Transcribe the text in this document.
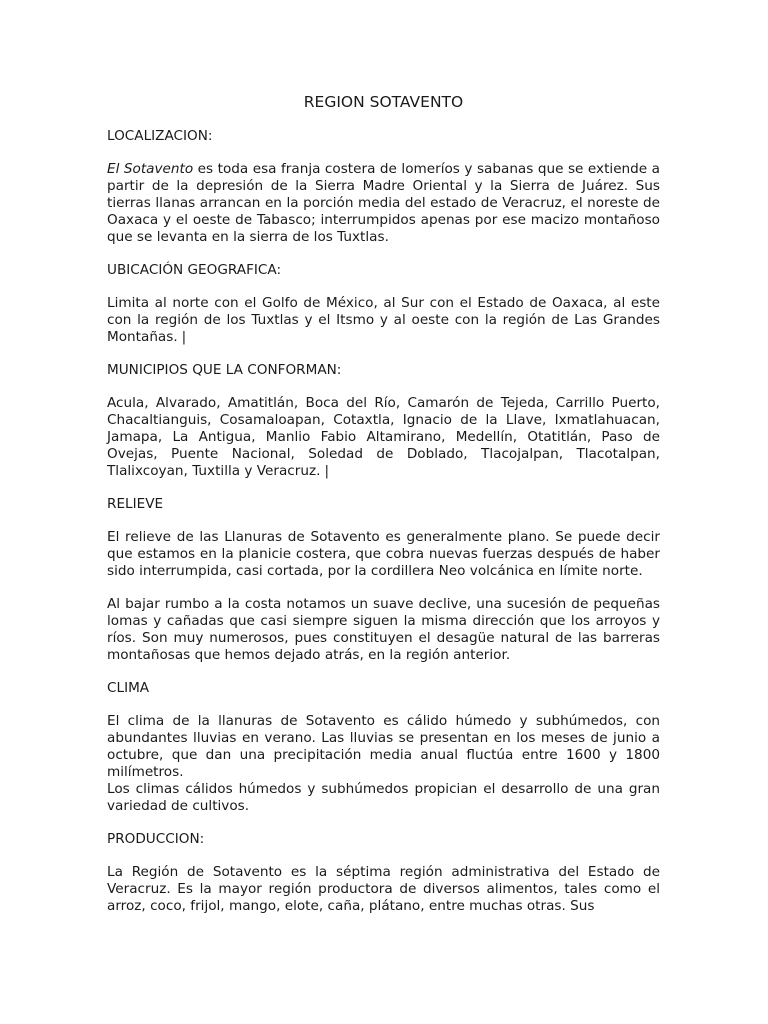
REGION SOTAVENTO
LOCALIZACION:
El Sotavento es toda esa franja costera de lomeríos y sabanas que se extiende a partir de la depresión de la Sierra Madre Oriental y la Sierra de Juárez. Sus tierras llanas arrancan en la porción media del estado de Veracruz, el noreste de Oaxaca y el oeste de Tabasco; interrumpidos apenas por ese macizo montañoso que se levanta en la sierra de los Tuxtlas.
UBICACIÓN GEOGRAFICA:
Limita al norte con el Golfo de México, al Sur con el Estado de Oaxaca, al este con la región de los Tuxtlas y el Itsmo y al oeste con la región de Las Grandes Montañas. |
MUNICIPIOS QUE LA CONFORMAN:
Acula, Alvarado, Amatitlán, Boca del Río, Camarón de Tejeda, Carrillo Puerto, Chacaltianguis, Cosamaloapan, Cotaxtla, Ignacio de la Llave, Ixmatlahuacan, Jamapa, La Antigua, Manlio Fabio Altamirano, Medellín, Otatitlán, Paso de Ovejas, Puente Nacional, Soledad de Doblado, Tlacojalpan, Tlacotalpan, Tlalixcoyan, Tuxtilla y Veracruz. |
RELIEVE
El relieve de las Llanuras de Sotavento es generalmente plano. Se puede decir que estamos en la planicie costera, que cobra nuevas fuerzas después de haber sido interrumpida, casi cortada, por la cordillera Neo volcánica en límite norte.
Al bajar rumbo a la costa notamos un suave declive, una sucesión de pequeñas lomas y cañadas que casi siempre siguen la misma dirección que los arroyos y ríos. Son muy numerosos, pues constituyen el desagüe natural de las barreras montañosas que hemos dejado atrás, en la región anterior.
CLIMA
El clima de la llanuras de Sotavento es cálido húmedo y subhúmedos, con abundantes lluvias en verano. Las lluvias se presentan en los meses de junio a octubre, que dan una precipitación media anual fluctúa entre 1600 y 1800 milímetros.
Los climas cálidos húmedos y subhúmedos propician el desarrollo de una gran variedad de cultivos.
PRODUCCION:
La Región de Sotavento es la séptima región administrativa del Estado de Veracruz. Es la mayor región productora de diversos alimentos, tales como el arroz, coco, frijol, mango, elote, caña, plátano, entre muchas otras. Sus
